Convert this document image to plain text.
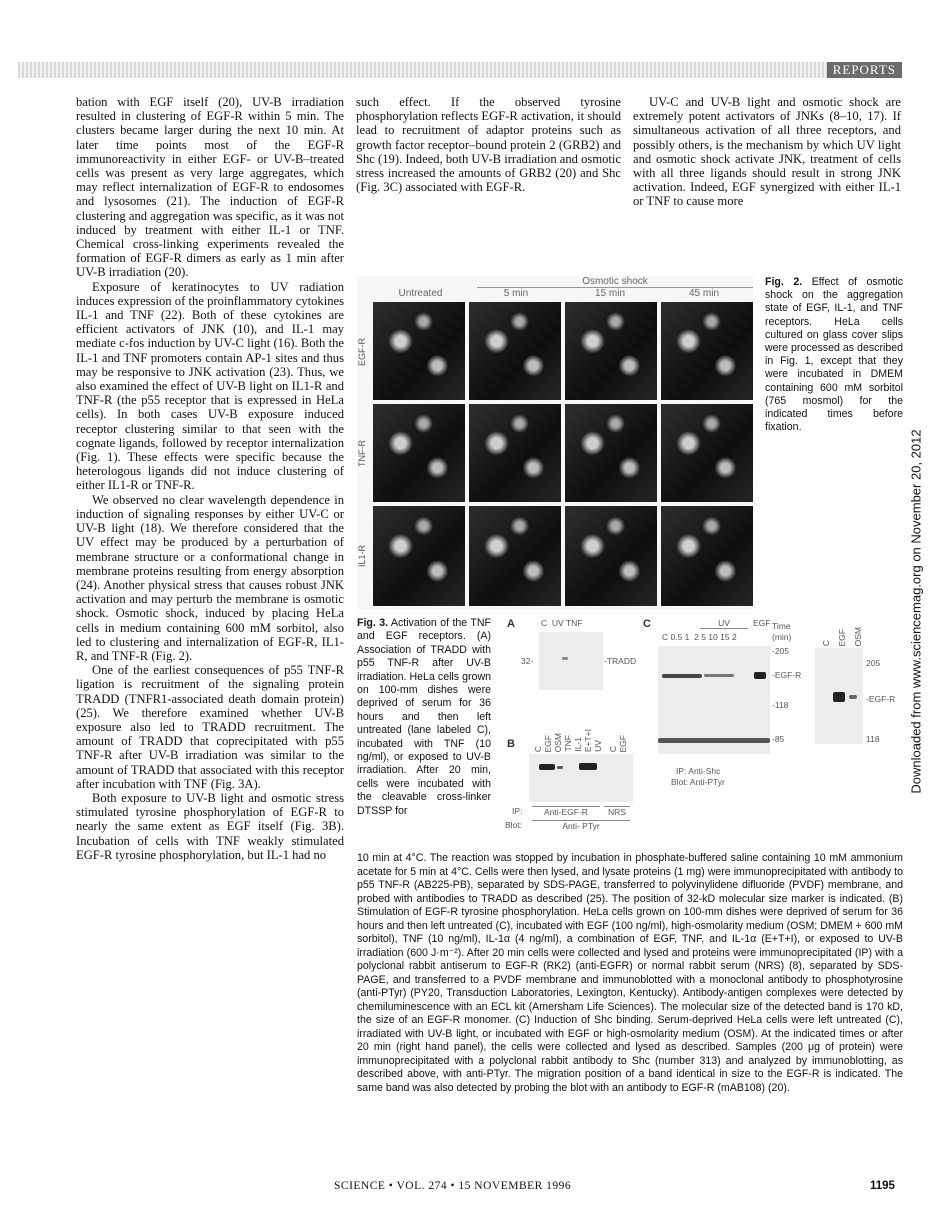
REPORTS

bation with EGF itself (20), UV-B irradiation resulted in clustering of EGF-R within 5 min. The clusters became larger during the next 10 min. At later time points most of the EGF-R immunoreactivity in either EGF- or UV-B–treated cells was present as very large aggregates, which may reflect internalization of EGF-R to endosomes and lysosomes (21). The induction of EGF-R clustering and aggregation was specific, as it was not induced by treatment with either IL-1 or TNF. Chemical cross-linking experiments revealed the formation of EGF-R dimers as early as 1 min after UV-B irradiation (20).

Exposure of keratinocytes to UV radiation induces expression of the proinflammatory cytokines IL-1 and TNF (22). Both of these cytokines are efficient activators of JNK (10), and IL-1 may mediate c-fos induction by UV-C light (16). Both the IL-1 and TNF promoters contain AP-1 sites and thus may be responsive to JNK activation (23). Thus, we also examined the effect of UV-B light on IL1-R and TNF-R (the p55 receptor that is expressed in HeLa cells). In both cases UV-B exposure induced receptor clustering similar to that seen with the cognate ligands, followed by receptor internalization (Fig. 1). These effects were specific because the heterologous ligands did not induce clustering of either IL1-R or TNF-R.

We observed no clear wavelength dependence in induction of signaling responses by either UV-C or UV-B light (18). We therefore considered that the UV effect may be produced by a perturbation of membrane structure or a conformational change in membrane proteins resulting from energy absorption (24). Another physical stress that causes robust JNK activation and may perturb the membrane is osmotic shock. Osmotic shock, induced by placing HeLa cells in medium containing 600 mM sorbitol, also led to clustering and internalization of EGF-R, IL1-R, and TNF-R (Fig. 2).

One of the earliest consequences of p55 TNF-R ligation is recruitment of the signaling protein TRADD (TNFR1-associated death domain protein) (25). We therefore examined whether UV-B exposure also led to TRADD recruitment. The amount of TRADD that coprecipitated with p55 TNF-R after UV-B irradiation was similar to the amount of TRADD that associated with this receptor after incubation with TNF (Fig. 3A).

Both exposure to UV-B light and osmotic stress stimulated tyrosine phosphorylation of EGF-R to nearly the same extent as EGF itself (Fig. 3B). Incubation of cells with TNF weakly stimulated EGF-R tyrosine phosphorylation, but IL-1 had no

such effect. If the observed tyrosine phosphorylation reflects EGF-R activation, it should lead to recruitment of adaptor proteins such as growth factor receptor–bound protein 2 (GRB2) and Shc (19). Indeed, both UV-B irradiation and osmotic stress increased the amounts of GRB2 (20) and Shc (Fig. 3C) associated with EGF-R.

UV-C and UV-B light and osmotic shock are extremely potent activators of JNKs (8–10, 17). If simultaneous activation of all three receptors, and possibly others, is the mechanism by which UV light and osmotic shock activate JNK, treatment of cells with all three ligands should result in strong JNK activation. Indeed, EGF synergized with either IL-1 or TNF to cause more

Untreated
Osmotic shock
5 min	15 min	45 min
EGF-R
TNF-R
IL1-R
Fig. 2. Effect of osmotic shock on the aggregation state of EGF, IL-1, and TNF receptors. HeLa cells cultured on glass cover slips were processed as described in Fig. 1, except that they were incubated in DMEM containing 600 mM sorbitol (765 mosmol) for the indicated times before fixation.
Fig. 3. Activation of the TNF and EGF receptors. (A) Association of TRADD with p55 TNF-R after UV-B irradiation. HeLa cells grown on 100-mm dishes were deprived of serum for 36 hours and then left untreated (lane labeled C), incubated with TNF (10 ng/ml), or exposed to UV-B irradiation. After 20 min, cells were incubated with the cleavable cross-linker DTSSP for
A	C  UV TNF
32-	-TRADD
B C EGF OSM TNF IL-1 E+T+I UV C EGF
IP:	Anti-EGF-R	NRS
Blot:	Anti- PTyr
C	UV	EGF Time
(min)
C 0.5 1  2 5 10 15 2
-205
-EGF-R
-118
-85
IP: Anti-Shc
Blot: Anti-PTyr
C EGF OSM
205
-EGF-R
118
10 min at 4°C. The reaction was stopped by incubation in phosphate-buffered saline containing 10 mM ammonium acetate for 5 min at 4°C. Cells were then lysed, and lysate proteins (1 mg) were immunoprecipitated with antibody to p55 TNF-R (AB225-PB), separated by SDS-PAGE, transferred to polyvinylidene difluoride (PVDF) membrane, and probed with antibodies to TRADD as described (25). The position of 32-kD molecular size marker is indicated. (B) Stimulation of EGF-R tyrosine phosphorylation. HeLa cells grown on 100-mm dishes were deprived of serum for 36 hours and then left untreated (C), incubated with EGF (100 ng/ml), high-osmolarity medium (OSM; DMEM + 600 mM sorbitol), TNF (10 ng/ml), IL-1α (4 ng/ml), a combination of EGF, TNF, and IL-1α (E+T+I), or exposed to UV-B irradiation (600 J·m⁻²). After 20 min cells were collected and lysed and proteins were immunoprecipitated (IP) with a polyclonal rabbit antiserum to EGF-R (RK2) (anti-EGFR) or normal rabbit serum (NRS) (8), separated by SDS-PAGE, and transferred to a PVDF membrane and immunoblotted with a monoclonal antibody to phosphotyrosine (anti-PTyr) (PY20, Transduction Laboratories, Lexington, Kentucky). Antibody-antigen complexes were detected by chemiluminescence with an ECL kit (Amersham Life Sciences). The molecular size of the detected band is 170 kD, the size of an EGF-R monomer. (C) Induction of Shc binding. Serum-deprived HeLa cells were left untreated (C), irradiated with UV-B light, or incubated with EGF or high-osmolarity medium (OSM). At the indicated times or after 20 min (right hand panel), the cells were collected and lysed as described. Samples (200 μg of protein) were immunoprecipitated with a polyclonal rabbit antibody to Shc (number 313) and analyzed by immunoblotting, as described above, with anti-PTyr. The migration position of a band identical in size to the EGF-R is indicated. The same band was also detected by probing the blot with an antibody to EGF-R (mAB108) (20).
Downloaded from www.sciencemag.org on November 20, 2012
SCIENCE • VOL. 274 • 15 NOVEMBER 1996	1195
